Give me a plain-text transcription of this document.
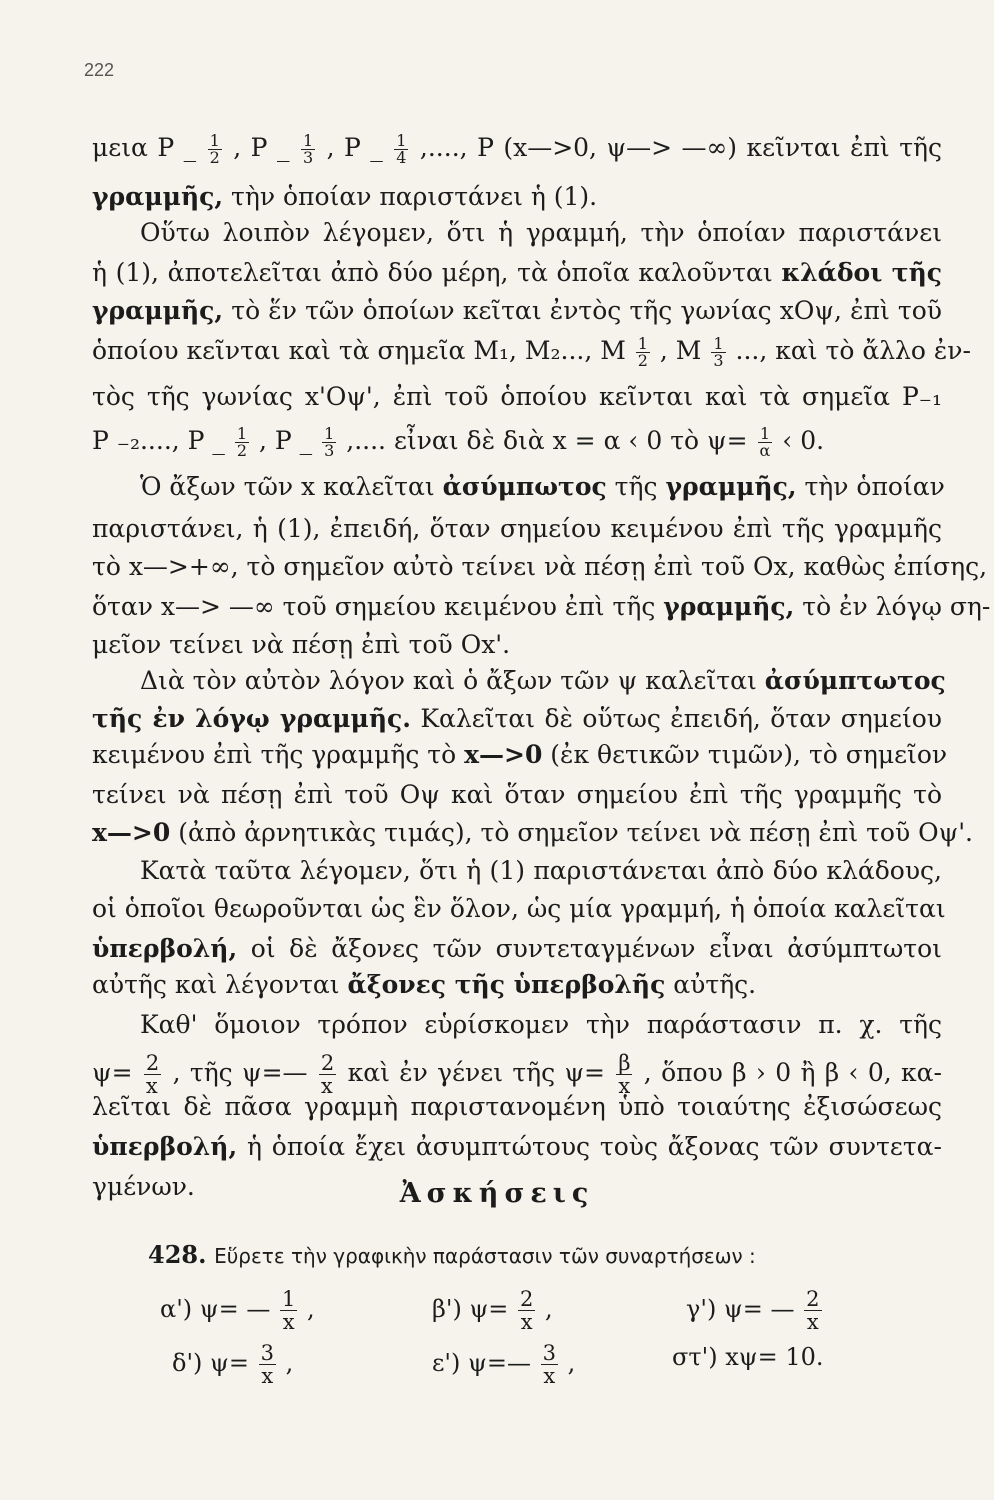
222
μεια P _ $\frac{1}{2}$ , P _ $\frac{1}{3}$ , P _ $\frac{1}{4}$ ,...., P (x—>0, ψ—> —∞) κεῖνται ἐπὶ τῆς
γραμμῆς, τὴν ὁποίαν παριστάνει ἡ (1).
Οὕτω λοιπὸν λέγομεν, ὅτι ἡ γραμμή, τὴν ὁποίαν παριστάνει
ἡ (1), ἀποτελεῖται ἀπὸ δύο μέρη, τὰ ὁποῖα καλοῦνται κλάδοι τῆς
γραμμῆς, τὸ ἕν τῶν ὁποίων κεῖται ἐντὸς τῆς γωνίας xΟψ, ἐπὶ τοῦ
ὁποίου κεῖνται καὶ τὰ σημεῖα M₁, M₂..., M $\frac{1}{2}$ , M $\frac{1}{3}$ ..., καὶ τὸ ἄλλο ἐν-
τὸς τῆς γωνίας x'Οψ', ἐπὶ τοῦ ὁποίου κεῖνται καὶ τὰ σημεῖα P₋₁
P ₋₂...., P _ $\frac{1}{2}$ , P _ $\frac{1}{3}$ ,.... εἶναι δὲ διὰ x = α ‹ 0 τὸ $\psi= \frac{1}{\alpha}$ ‹ 0.
Ὁ ἄξων τῶν x καλεῖται ἀσύμπωτος τῆς γραμμῆς, τὴν ὁποίαν
παριστάνει, ἡ (1), ἐπειδή, ὅταν σημείου κειμένου ἐπὶ τῆς γραμμῆς
τὸ x—>+∞, τὸ σημεῖον αὐτὸ τείνει νὰ πέσῃ ἐπὶ τοῦ Οx, καθὼς ἐπίσης,
ὅταν x—> —∞ τοῦ σημείου κειμένου ἐπὶ τῆς γραμμῆς, τὸ ἐν λόγῳ ση-
μεῖον τείνει νὰ πέσῃ ἐπὶ τοῦ Οx'.
Διὰ τὸν αὐτὸν λόγον καὶ ὁ ἄξων τῶν ψ καλεῖται ἀσύμπτωτος
τῆς ἐν λόγῳ γραμμῆς. Καλεῖται δὲ οὕτως ἐπειδή, ὅταν σημείου
κειμένου ἐπὶ τῆς γραμμῆς τὸ x—>0 (ἐκ θετικῶν τιμῶν), τὸ σημεῖον
τείνει νὰ πέσῃ ἐπὶ τοῦ Οψ καὶ ὅταν σημείου ἐπὶ τῆς γραμμῆς τὸ
x—>0 (ἀπὸ ἀρνητικὰς τιμάς), τὸ σημεῖον τείνει νὰ πέσῃ ἐπὶ τοῦ Οψ'.
Κατὰ ταῦτα λέγομεν, ὅτι ἡ (1) παριστάνεται ἀπὸ δύο κλάδους,
οἱ ὁποῖοι θεωροῦνται ὡς ἓν ὅλον, ὡς μία γραμμή, ἡ ὁποία καλεῖται
ὑπερβολή, οἱ δὲ ἄξονες τῶν συντεταγμένων εἶναι ἀσύμπτωτοι
αὐτῆς καὶ λέγονται ἄξονες τῆς ὑπερβολῆς αὐτῆς.
Καθ' ὅμοιον τρόπον εὑρίσκομεν τὴν παράστασιν π. χ. τῆς
$\psi= \frac{2}{x}$ , τῆς ψ=— $\frac{2}{x}$ καὶ ἐν γένει τῆς $\psi= \frac{\beta}{x}$ , ὅπου β › 0 ἢ β ‹ 0, κα-
λεῖται δὲ πᾶσα γραμμὴ παριστανομένη ὑπὸ τοιαύτης ἐξισώσεως
ὑπερβολή, ἡ ὁποία ἔχει ἀσυμπτώτους τοὺς ἄξονας τῶν συντετα-
γμένων.	Ἀσκήσεις
428. Εὕρετε τὴν γραφικὴν παράστασιν τῶν συναρτήσεων :
α') ψ= — $\frac{1}{x}$ ,	β') $\psi= \frac{2}{x}$ ,	γ') ψ= — $\frac{2}{x}$
δ') $\psi= \frac{3}{x}$ ,	ε') ψ=— $\frac{3}{x}$ ,	στ') xψ= 10.
